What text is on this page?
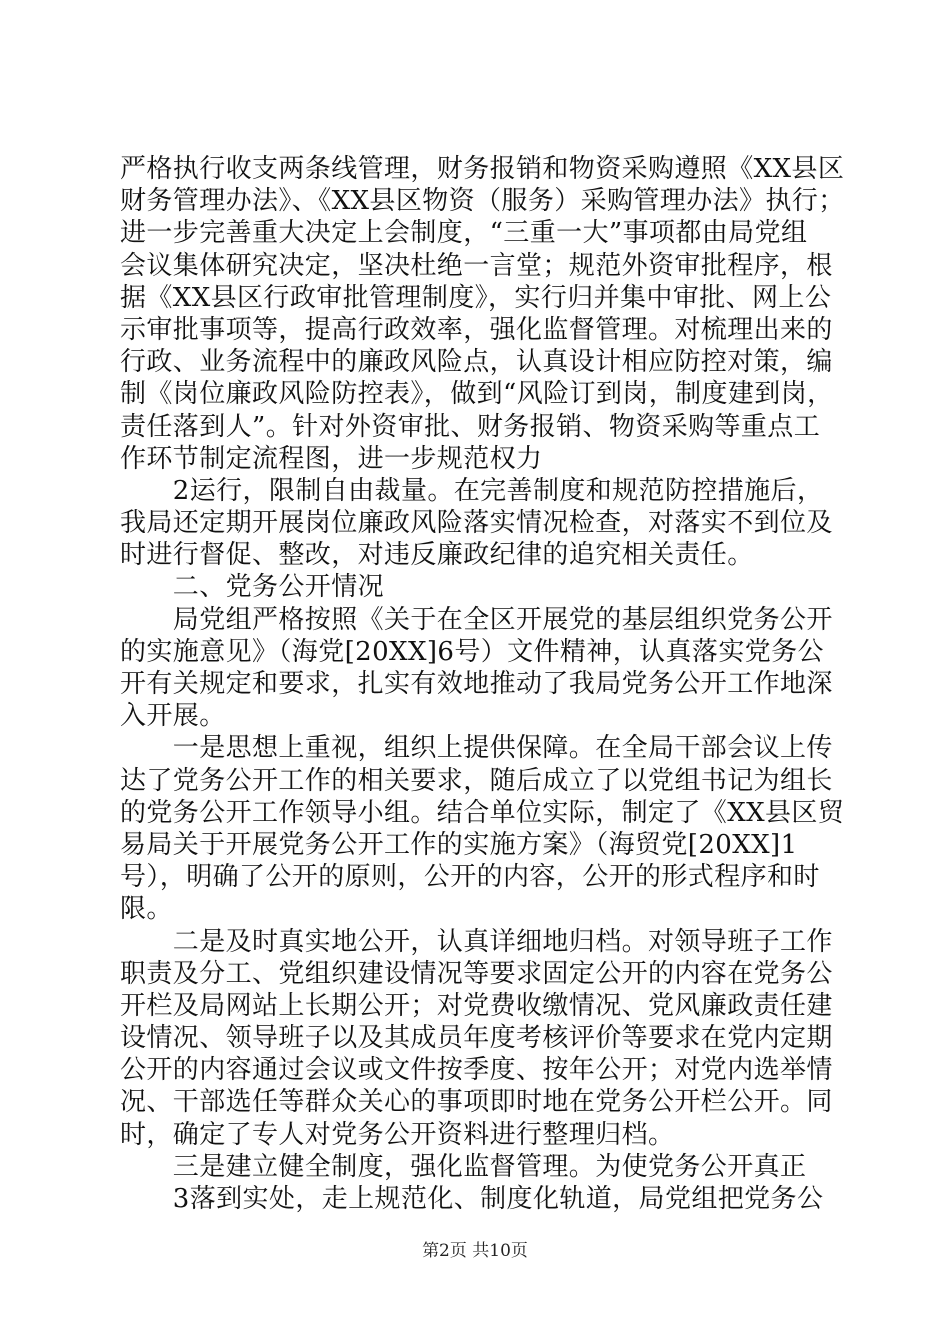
严格执行收支两条线管理，财务报销和物资采购遵照《XX县区
财务管理办法》、《XX县区物资（服务）采购管理办法》执行；
进一步完善重大决定上会制度，“三重一大”事项都由局党组
会议集体研究决定，坚决杜绝一言堂；规范外资审批程序，根
据《XX县区行政审批管理制度》，实行归并集中审批、网上公
示审批事项等，提高行政效率，强化监督管理。对梳理出来的
行政、业务流程中的廉政风险点，认真设计相应防控对策，编
制《岗位廉政风险防控表》，做到“风险订到岗，制度建到岗，
责任落到人”。针对外资审批、财务报销、物资采购等重点工
作环节制定流程图，进一步规范权力
　　2运行，限制自由裁量。在完善制度和规范防控措施后，
我局还定期开展岗位廉政风险落实情况检查，对落实不到位及
时进行督促、整改，对违反廉政纪律的追究相关责任。
　　二、党务公开情况
　　局党组严格按照《关于在全区开展党的基层组织党务公开
的实施意见》（海党[20XX]6号）文件精神，认真落实党务公
开有关规定和要求，扎实有效地推动了我局党务公开工作地深
入开展。
　　一是思想上重视，组织上提供保障。在全局干部会议上传
达了党务公开工作的相关要求，随后成立了以党组书记为组长
的党务公开工作领导小组。结合单位实际，制定了《XX县区贸
易局关于开展党务公开工作的实施方案》（海贸党[20XX]1
号），明确了公开的原则，公开的内容，公开的形式程序和时
限。
　　二是及时真实地公开，认真详细地归档。对领导班子工作
职责及分工、党组织建设情况等要求固定公开的内容在党务公
开栏及局网站上长期公开；对党费收缴情况、党风廉政责任建
设情况、领导班子以及其成员年度考核评价等要求在党内定期
公开的内容通过会议或文件按季度、按年公开；对党内选举情
况、干部选任等群众关心的事项即时地在党务公开栏公开。同
时，确定了专人对党务公开资料进行整理归档。
　　三是建立健全制度，强化监督管理。为使党务公开真正
　　3落到实处，走上规范化、制度化轨道，局党组把党务公
第2页 共10页
